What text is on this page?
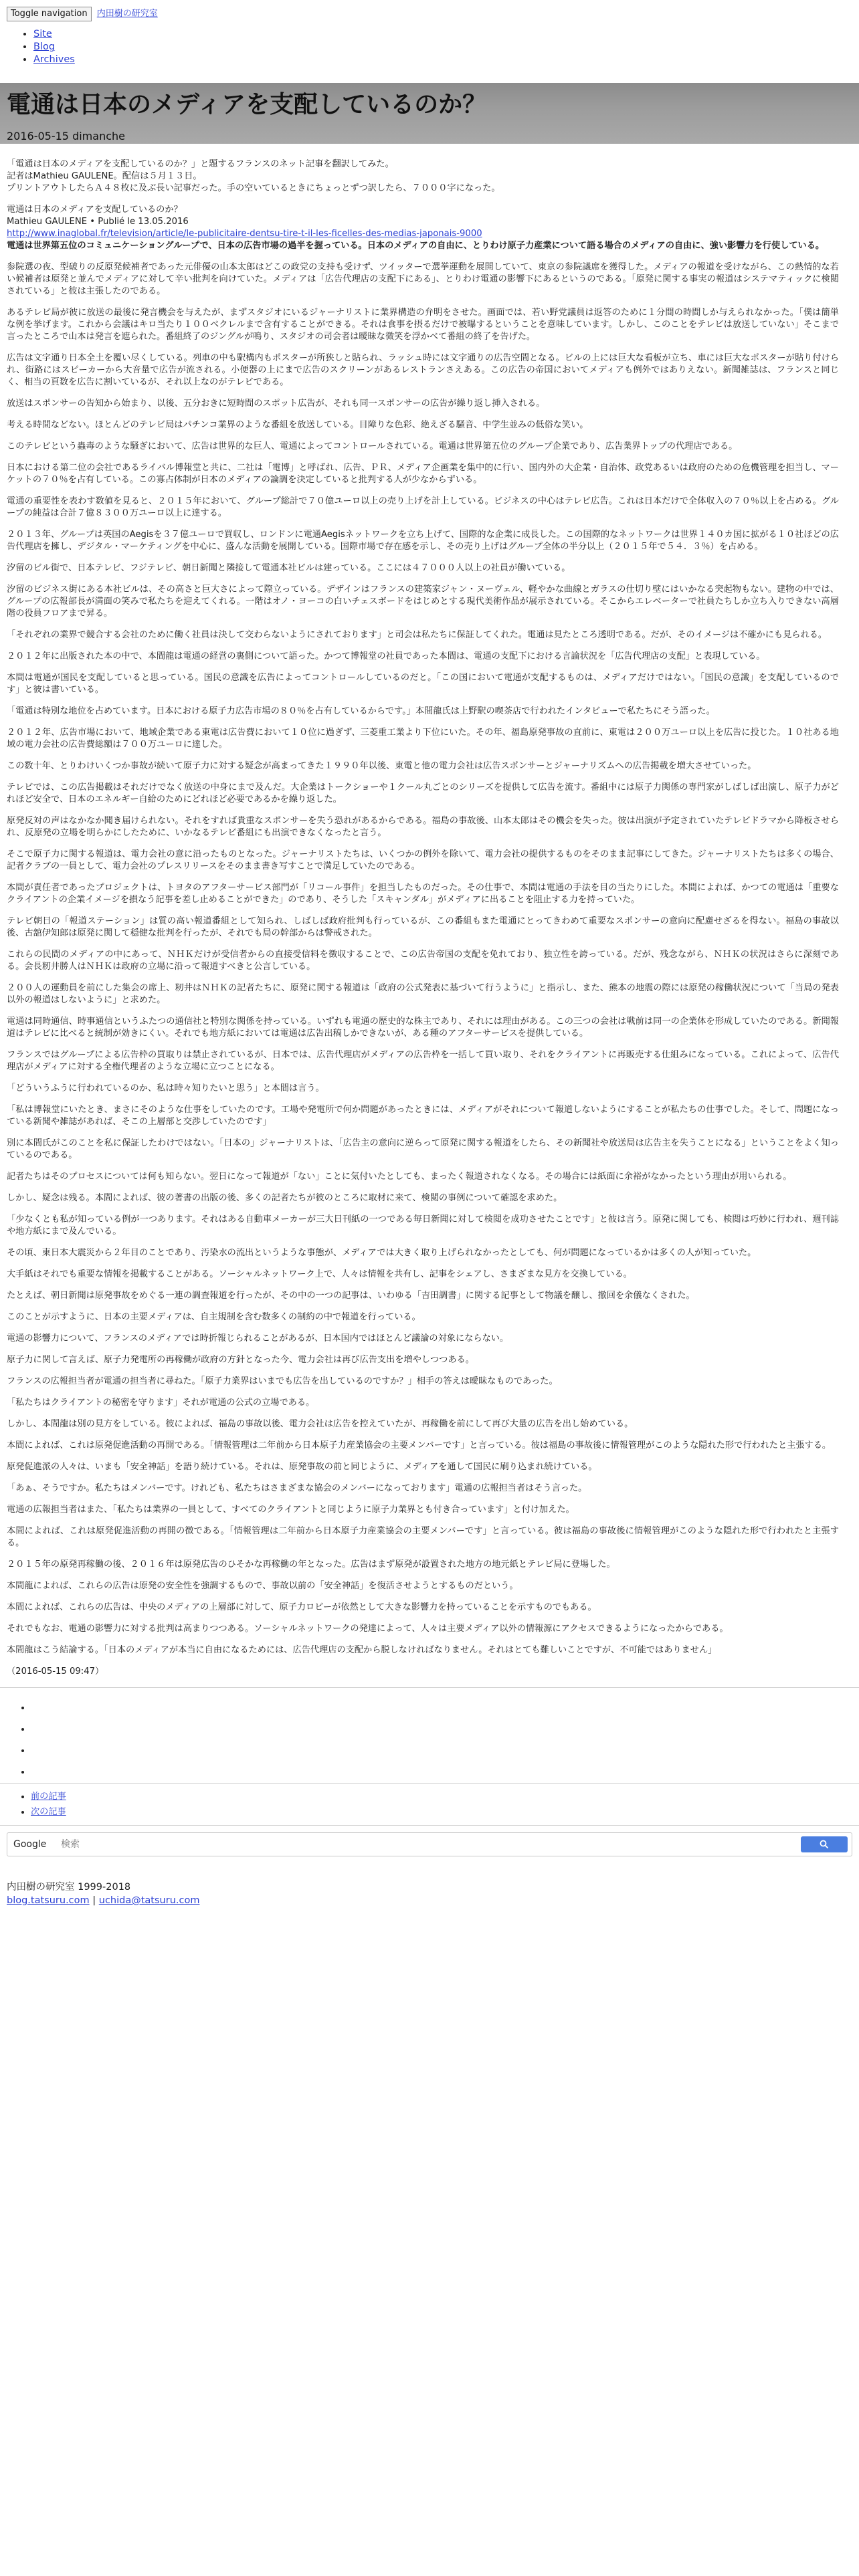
Toggle navigation 内田樹の研究室
• Site
• Blog
• Archives
電通は日本のメディアを支配しているのか？
2016-05-15 dimanche

「電通は日本のメディアを支配しているのか？」と題するフランスのネット記事を翻訳してみた。

記者はMathieu GAULENE。配信は５月１３日。

プリントアウトしたらＡ４８枚に及ぶ長い記事だった。手の空いているときにちょっとずつ訳したら、７０００字になった。

電通は日本のメディアを支配しているのか？

Mathieu GAULENE • Publié le 13.05.2016

http://www.inaglobal.fr/television/article/le-publicitaire-dentsu-tire-t-il-les-ficelles-des-medias-japonais-9000

電通は世界第五位のコミュニケーショングループで、日本の広告市場の過半を握っている。日本のメディアの自由に、とりわけ原子力産業について語る場合のメディアの自由に、強い影響力を行使している。

参院選の夜、型破りの反原発候補者であった元俳優の山本太郎はどこの政党の支持も受けず、ツイッターで選挙運動を展開していて、東京の参院議席を獲得した。メディアの報道を受けながら、この熱情的な若い候補者は原発と並んでメディアに対して辛い批判を向けていた。メディアは「広告代理店の支配下にある」、とりわけ電通の影響下にあるというのである。「原発に関する事実の報道はシステマティックに検閲されている」と彼は主張したのである。

あるテレビ局が彼に放送の最後に発言機会を与えたが、まずスタジオにいるジャーナリストに業界構造の弁明をさせた。画面では、若い野党議員は返答のために１分間の時間しか与えられなかった。「僕は簡単な例を挙げます。これから会議はキロ当たり１００ベクレルまで含有することができる。それは食事を摂るだけで被曝するということを意味しています。しかし、このことをテレビは放送していない」そこまで言ったところで山本は発言を遮られた。番組終了のジングルが鳴り、スタジオの司会者は曖昧な微笑を浮かべて番組の終了を告げた。

広告は文字通り日本全土を覆い尽くしている。列車の中も駅構内もポスターが所狭しと貼られ、ラッシュ時には文字通りの広告空間となる。ビルの上には巨大な看板が立ち、車には巨大なポスターが貼り付けられ、街路にはスピーカーから大音量で広告が流される。小便器の上にまで広告のスクリーンがあるレストランさえある。この広告の帝国においてメディアも例外ではありえない。新聞雑誌は、フランスと同じく、相当の頁数を広告に割いているが、それ以上なのがテレビである。

放送はスポンサーの告知から始まり、以後、五分おきに短時間のスポット広告が、それも同一スポンサーの広告が繰り返し挿入される。

考える時間などない。ほとんどのテレビ局はパチンコ業界のような番組を放送している。目障りな色彩、絶えざる騒音、中学生並みの低俗な笑い。

このテレビという蟲毒のような騒ぎにおいて、広告は世界的な巨人、電通によってコントロールされている。電通は世界第五位のグループ企業であり、広告業界トップの代理店である。

日本における第二位の会社であるライバル博報堂と共に、二社は「電博」と呼ばれ、広告、ＰＲ、メディア企画業を集中的に行い、国内外の大企業・自治体、政党あるいは政府のための危機管理を担当し、マーケットの７０％を占有している。この寡占体制が日本のメディアの論調を決定していると批判する人が少なからずいる。

電通の重要性を表わす数値を見ると、２０１５年において、グループ総計で７０億ユーロ以上の売り上げを計上している。ビジネスの中心はテレビ広告。これは日本だけで全体収入の７０％以上を占める。グループの純益は合計７億８３００万ユーロ以上に達する。

２０１３年、グループは英国のAegisを３７億ユーロで買収し、ロンドンに電通Aegisネットワークを立ち上げて、国際的な企業に成長した。この国際的なネットワークは世界１４０カ国に拡がる１０社ほどの広告代理店を擁し、デジタル・マーケティングを中心に、盛んな活動を展開している。国際市場で存在感を示し、その売り上げはグループ全体の半分以上（２０１５年で５４．３％）を占める。

汐留のビル街で、日本テレビ、フジテレビ、朝日新聞と隣接して電通本社ビルは建っている。ここには４７０００人以上の社員が働いている。

汐留のビジネス街にある本社ビルは、その高さと巨大さによって際立っている。デザインはフランスの建築家ジャン・ヌーヴェル、軽やかな曲線とガラスの仕切り壁にはいかなる突起物もない。建物の中では、グループの広報部長が満面の笑みで私たちを迎えてくれる。一階はオノ・ヨーコの白いチェスボードをはじめとする現代美術作品が展示されている。そこからエレベーターで社員たちしか立ち入りできない高層階の役員フロアまで昇る。

「それぞれの業界で競合する会社のために働く社員は決して交わらないようにされております」と司会は私たちに保証してくれた。電通は見たところ透明である。だが、そのイメージは不確かにも見られる。

２０１２年に出版された本の中で、本間龍は電通の経営の裏側について語った。かつて博報堂の社員であった本間は、電通の支配下における言論状況を「広告代理店の支配」と表現している。

本間は電通が国民を支配していると思っている。国民の意識を広告によってコントロールしているのだと。「この国において電通が支配するものは、メディアだけではない。「国民の意識」を支配しているのです」と彼は書いている。

「電通は特別な地位を占めています。日本における原子力広告市場の８０％を占有しているからです。」本間龍氏は上野駅の喫茶店で行われたインタビューで私たちにそう語った。

２０１２年、広告市場において、地域企業である東電は広告費において１０位に過ぎず、三菱重工業より下位にいた。その年、福島原発事故の直前に、東電は２００万ユーロ以上を広告に投じた。１０社ある地域の電力会社の広告費総額は７００万ユーロに達した。

この数十年、とりわけいくつか事故が続いて原子力に対する疑念が高まってきた１９９０年以後、東電と他の電力会社は広告スポンサーとジャーナリズムへの広告掲載を増大させていった。

テレビでは、この広告掲載はそれだけでなく放送の中身にまで及んだ。大企業はトークショーや１クール丸ごとのシリーズを提供して広告を流す。番組中には原子力関係の専門家がしばしば出演し、原子力がどれほど安全で、日本のエネルギー自給のためにどれほど必要であるかを繰り返した。

原発反対の声はなかなか聞き届けられない。それをすれば貴重なスポンサーを失う恐れがあるからである。福島の事故後、山本太郎はその機会を失った。彼は出演が予定されていたテレビドラマから降板させられ、反原発の立場を明らかにしたために、いかなるテレビ番組にも出演できなくなったと言う。

そこで原子力に関する報道は、電力会社の意に沿ったものとなった。ジャーナリストたちは、いくつかの例外を除いて、電力会社の提供するものをそのまま記事にしてきた。ジャーナリストたちは多くの場合、記者クラブの一員として、電力会社のプレスリリースをそのまま書き写すことで満足していたのである。

本間が責任者であったプロジェクトは、トヨタのアフターサービス部門が「リコール事件」を担当したものだった。その仕事で、本間は電通の手法を目の当たりにした。本間によれば、かつての電通は「重要なクライアントの企業イメージを損なう記事を差し止めることができた」のであり、そうした「スキャンダル」がメディアに出ることを阻止する力を持っていた。

テレビ朝日の「報道ステーション」は質の高い報道番組として知られ、しばしば政府批判も行っているが、この番組もまた電通にとってきわめて重要なスポンサーの意向に配慮せざるを得ない。福島の事故以後、古舘伊知郎は原発に関して穏健な批判を行ったが、それでも局の幹部からは警戒された。

これらの民間のメディアの中にあって、ＮＨＫだけが受信者からの直接受信料を徴収することで、この広告帝国の支配を免れており、独立性を誇っている。だが、残念ながら、ＮＨＫの状況はさらに深刻である。会長籾井勝人はＮＨＫは政府の立場に沿って報道すべきと公言している。

２００人の運動員を前にした集会の席上、籾井はＮＨＫの記者たちに、原発に関する報道は「政府の公式発表に基づいて行うように」と指示し、また、熊本の地震の際には原発の稼働状況について「当局の発表以外の報道はしないように」と求めた。

電通は同時通信、時事通信というふたつの通信社と特別な関係を持っている。いずれも電通の歴史的な株主であり、それには理由がある。この三つの会社は戦前は同一の企業体を形成していたのである。新聞報道はテレビに比べると統制が効きにくい。それでも地方紙においては電通は広告出稿しかできないが、ある種のアフターサービスを提供している。

フランスではグループによる広告枠の買取りは禁止されているが、日本では、広告代理店がメディアの広告枠を一括して買い取り、それをクライアントに再販売する仕組みになっている。これによって、広告代理店がメディアに対する全権代理者のような立場に立つことになる。

「どういうふうに行われているのか、私は時々知りたいと思う」と本間は言う。

「私は博報堂にいたとき、まさにそのような仕事をしていたのです。工場や発電所で何か問題があったときには、メディアがそれについて報道しないようにすることが私たちの仕事でした。そして、問題になっている新聞や雑誌があれば、そこの上層部と交渉していたのです」

別に本間氏がこのことを私に保証したわけではない。「日本の」ジャーナリストは、「広告主の意向に逆らって原発に関する報道をしたら、その新聞社や放送局は広告主を失うことになる」ということをよく知っているのである。

記者たちはそのプロセスについては何も知らない。翌日になって報道が「ない」ことに気付いたとしても、まったく報道されなくなる。その場合には紙面に余裕がなかったという理由が用いられる。

しかし、疑念は残る。本間によれば、彼の著書の出版の後、多くの記者たちが彼のところに取材に来て、検閲の事例について確認を求めた。

「少なくとも私が知っている例が一つあります。それはある自動車メーカーが三大日刊紙の一つである毎日新聞に対して検閲を成功させたことです」と彼は言う。原発に関しても、検閲は巧妙に行われ、週刊誌や地方紙にまで及んでいる。

その頃、東日本大震災から２年目のことであり、汚染水の流出というような事態が、メディアでは大きく取り上げられなかったとしても、何が問題になっているかは多くの人が知っていた。

大手紙はそれでも重要な情報を掲載することがある。ソーシャルネットワーク上で、人々は情報を共有し、記事をシェアし、さまざまな見方を交換している。

たとえば、朝日新聞は原発事故をめぐる一連の調査報道を行ったが、その中の一つの記事は、いわゆる「吉田調書」に関する記事として物議を醸し、撤回を余儀なくされた。

このことが示すように、日本の主要メディアは、自主規制を含む数多くの制約の中で報道を行っている。

電通の影響力について、フランスのメディアでは時折報じられることがあるが、日本国内ではほとんど議論の対象にならない。

原子力に関して言えば、原子力発電所の再稼働が政府の方針となった今、電力会社は再び広告支出を増やしつつある。

フランスの広報担当者が電通の担当者に尋ねた。「原子力業界はいまでも広告を出しているのですか？」相手の答えは曖昧なものであった。

「私たちはクライアントの秘密を守ります」それが電通の公式の立場である。

しかし、本間龍は別の見方をしている。彼によれば、福島の事故以後、電力会社は広告を控えていたが、再稼働を前にして再び大量の広告を出し始めている。

本間によれば、これは原発促進活動の再開である。「情報管理は二年前から日本原子力産業協会の主要メンバーです」と言っている。彼は福島の事故後に情報管理がこのような隠れた形で行われたと主張する。

原発促進派の人々は、いまも「安全神話」を語り続けている。それは、原発事故の前と同じように、メディアを通して国民に刷り込まれ続けている。

「あぁ、そうですか。私たちはメンバーです。けれども、私たちはさまざまな協会のメンバーになっております」電通の広報担当者はそう言った。

電通の広報担当者はまた、「私たちは業界の一員として、すべてのクライアントと同じように原子力業界とも付き合っています」と付け加えた。

本間によれば、これは原発促進活動の再開の徴である。「情報管理は二年前から日本原子力産業協会の主要メンバーです」と言っている。彼は福島の事故後に情報管理がこのような隠れた形で行われたと主張する。

２０１５年の原発再稼働の後、２０１６年は原発広告のひそかな再稼働の年となった。広告はまず原発が設置された地方の地元紙とテレビ局に登場した。

本間龍によれば、これらの広告は原発の安全性を強調するもので、事故以前の「安全神話」を復活させようとするものだという。

本間によれば、これらの広告は、中央のメディアの上層部に対して、原子力ロビーが依然として大きな影響力を持っていることを示すものでもある。

それでもなお、電通の影響力に対する批判は高まりつつある。ソーシャルネットワークの発達によって、人々は主要メディア以外の情報源にアクセスできるようになったからである。

本間龍はこう結論する。「日本のメディアが本当に自由になるためには、広告代理店の支配から脱しなければなりません。それはとても難しいことですが、不可能ではありません」

（2016-05-15 09:47）

•
•
•
•
• 前の記事
• 次の記事
Google
検索
内田樹の研究室 1999-2018
blog.tatsuru.com | uchida@tatsuru.com
